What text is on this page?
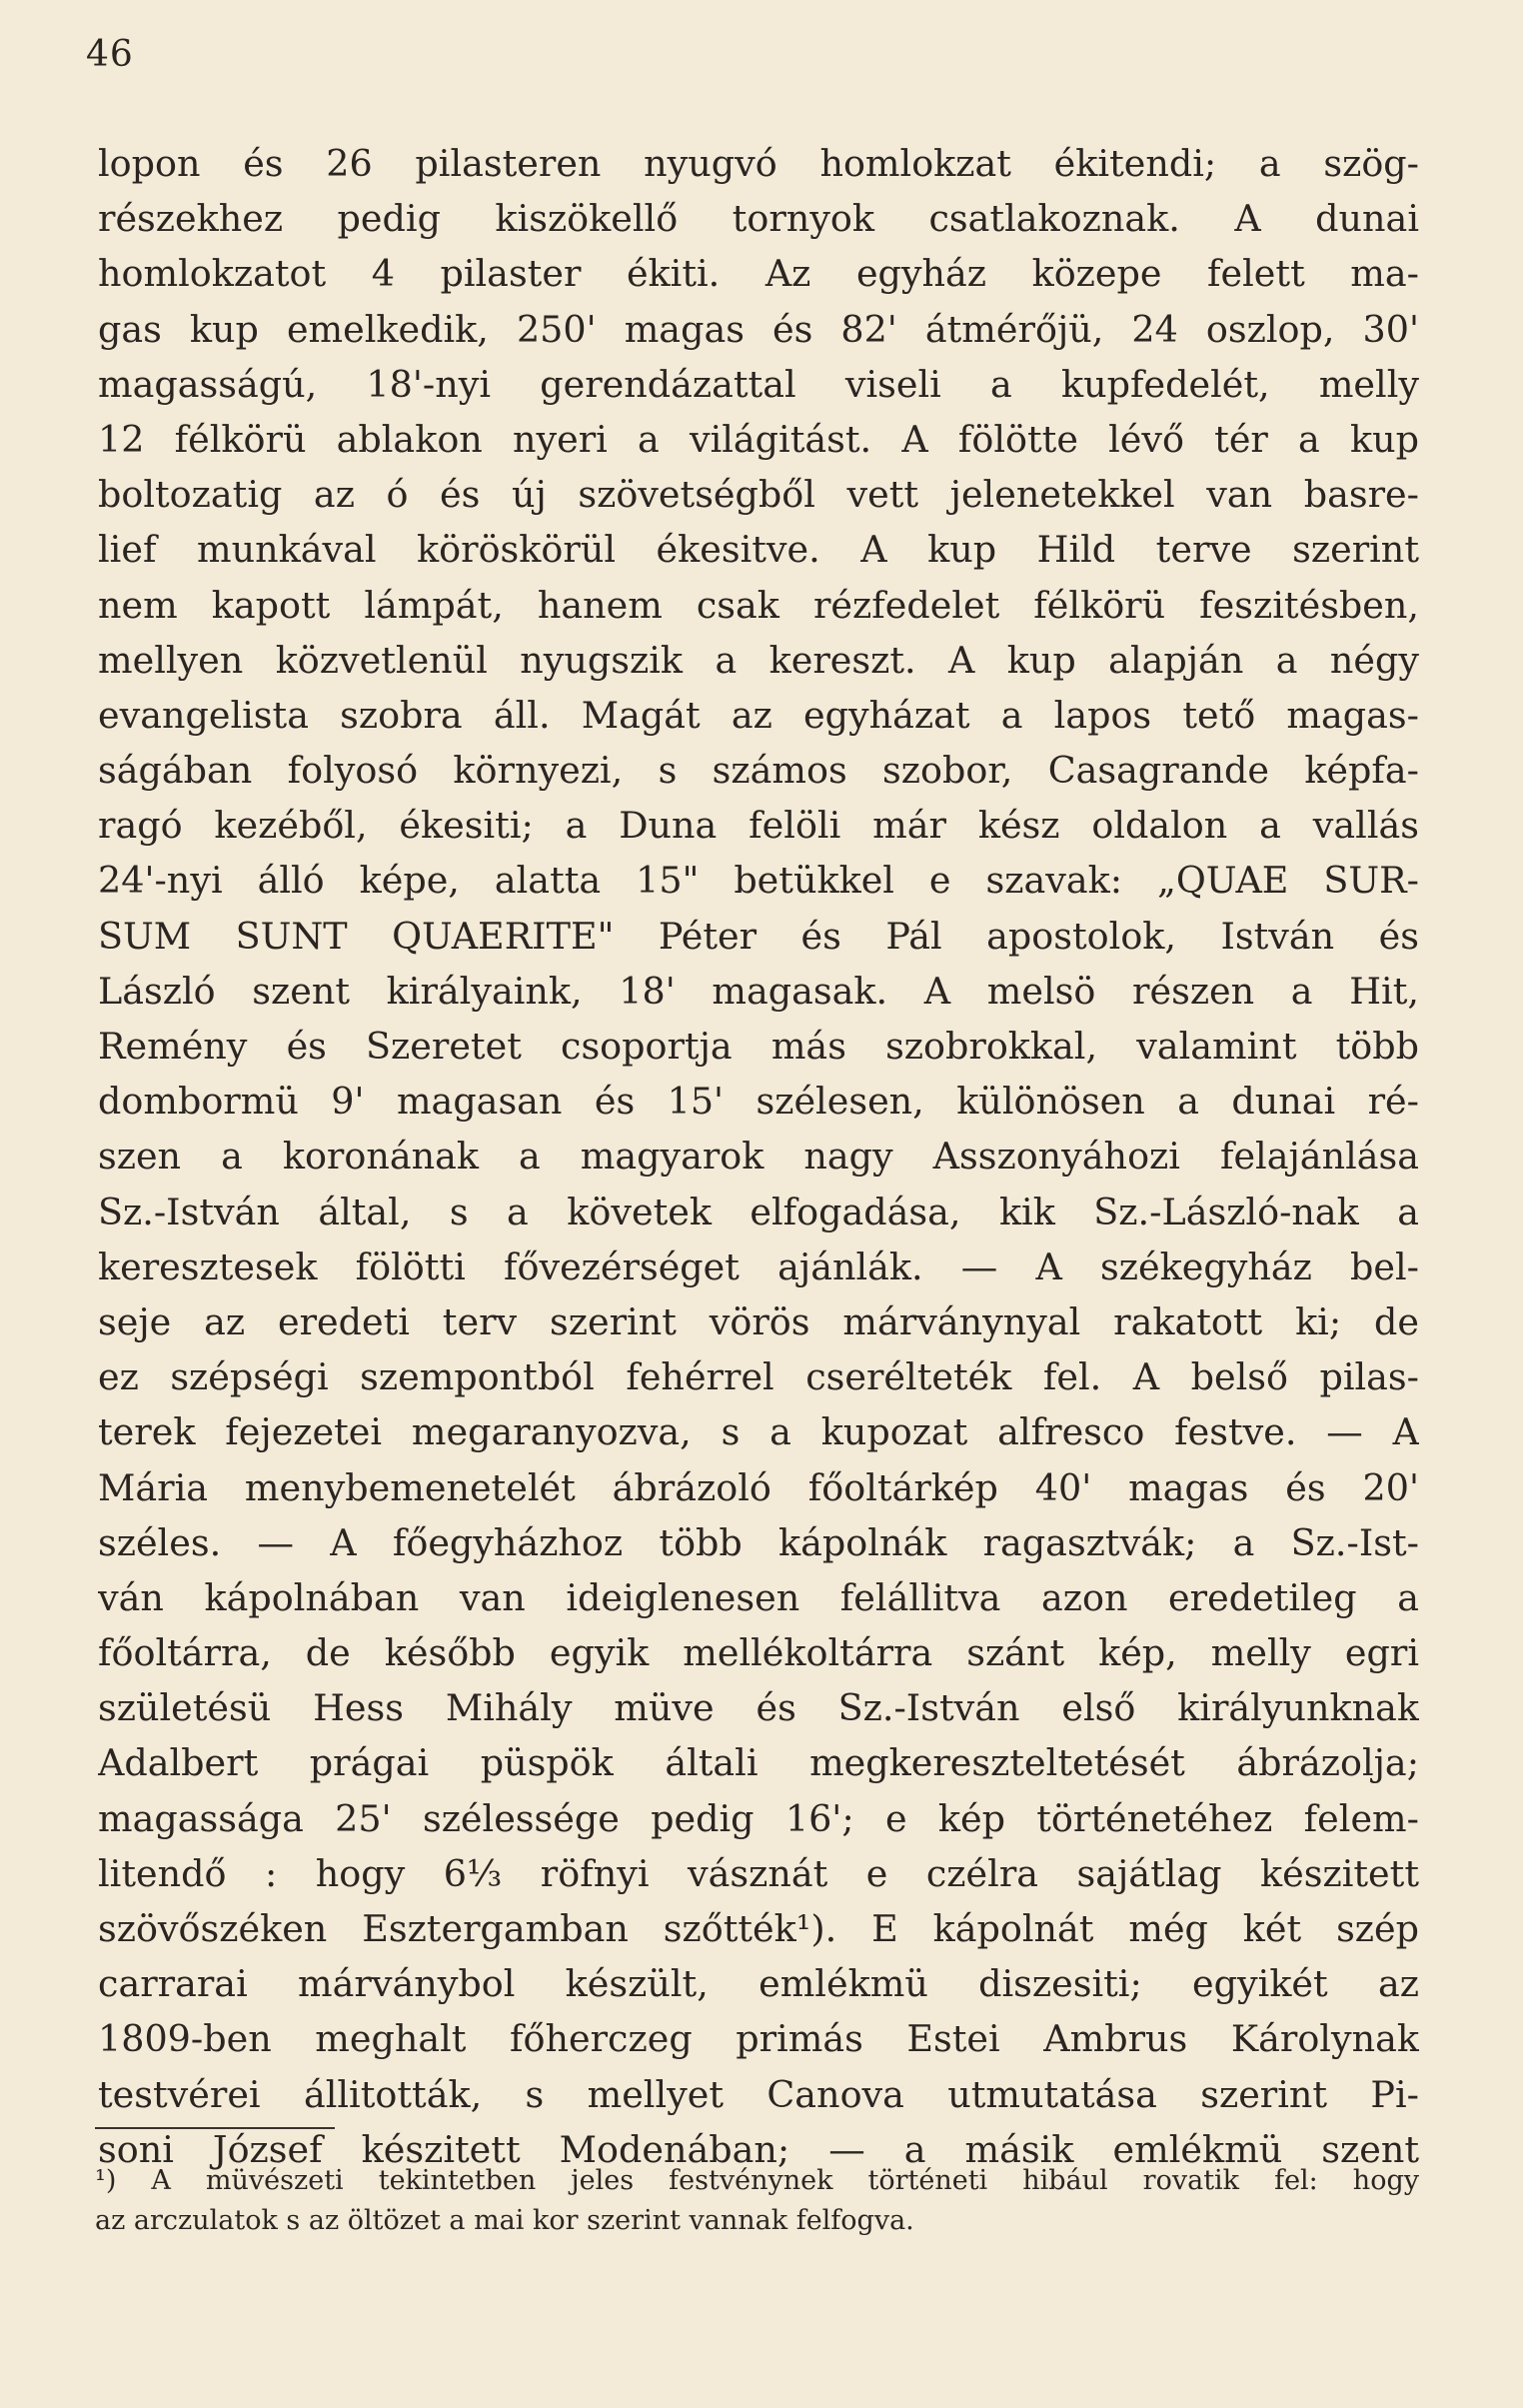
46
lopon és 26 pilasteren nyugvó homlokzat ékitendi; a szög-
részekhez pedig kiszökellő tornyok csatlakoznak. A dunai
homlokzatot 4 pilaster ékiti. Az egyház közepe felett ma-
gas kup emelkedik, 250' magas és 82' átmérőjü, 24 oszlop, 30'
magasságú, 18'-nyi gerendázattal viseli a kupfedelét, melly
12 félkörü ablakon nyeri a világitást. A fölötte lévő tér a kup
boltozatig az ó és új szövetségből vett jelenetekkel van basre-
lief munkával köröskörül ékesitve. A kup Hild terve szerint
nem kapott lámpát, hanem csak rézfedelet félkörü feszitésben,
mellyen közvetlenül nyugszik a kereszt. A kup alapján a négy
evangelista szobra áll. Magát az egyházat a lapos tető magas-
ságában folyosó környezi, s számos szobor, Casagrande képfa-
ragó kezéből, ékesiti; a Duna felöli már kész oldalon a vallás
24'-nyi álló képe, alatta 15" betükkel e szavak: „QUAE SUR-
SUM SUNT QUAERITE" Péter és Pál apostolok, István és
László szent királyaink, 18' magasak. A melsö részen a Hit,
Remény és Szeretet csoportja más szobrokkal, valamint több
dombormü 9' magasan és 15' szélesen, különösen a dunai ré-
szen a koronának a magyarok nagy Asszonyáhozi felajánlása
Sz.-István által, s a követek elfogadása, kik Sz.-László-nak a
keresztesek fölötti fővezérséget ajánlák. — A székegyház bel-
seje az eredeti terv szerint vörös márványnyal rakatott ki; de
ez szépségi szempontból fehérrel cserélteték fel. A belső pilas-
terek fejezetei megaranyozva, s a kupozat alfresco festve. — A
Mária menybemenetelét ábrázoló főoltárkép 40' magas és 20'
széles. — A főegyházhoz több kápolnák ragasztvák; a Sz.-Ist-
ván kápolnában van ideiglenesen felállitva azon eredetileg a
főoltárra, de később egyik mellékoltárra szánt kép, melly egri
születésü Hess Mihály müve és Sz.-István első királyunknak
Adalbert prágai püspök általi megkereszteltetését ábrázolja;
magassága 25' szélessége pedig 16'; e kép történetéhez felem-
litendő : hogy 6⅓ röfnyi vásznát e czélra sajátlag készitett
szövőszéken Esztergamban szőtték¹). E kápolnát még két szép
carrarai márványbol készült, emlékmü diszesiti; egyikét az
1809-ben meghalt főherczeg primás Estei Ambrus Károlynak
testvérei állitották, s mellyet Canova utmutatása szerint Pi-
soni József készitett Modenában; — a másik emlékmü szent
¹) A müvészeti tekintetben jeles festvénynek történeti hibául rovatik fel: hogy
az arczulatok s az öltözet a mai kor szerint vannak felfogva.
